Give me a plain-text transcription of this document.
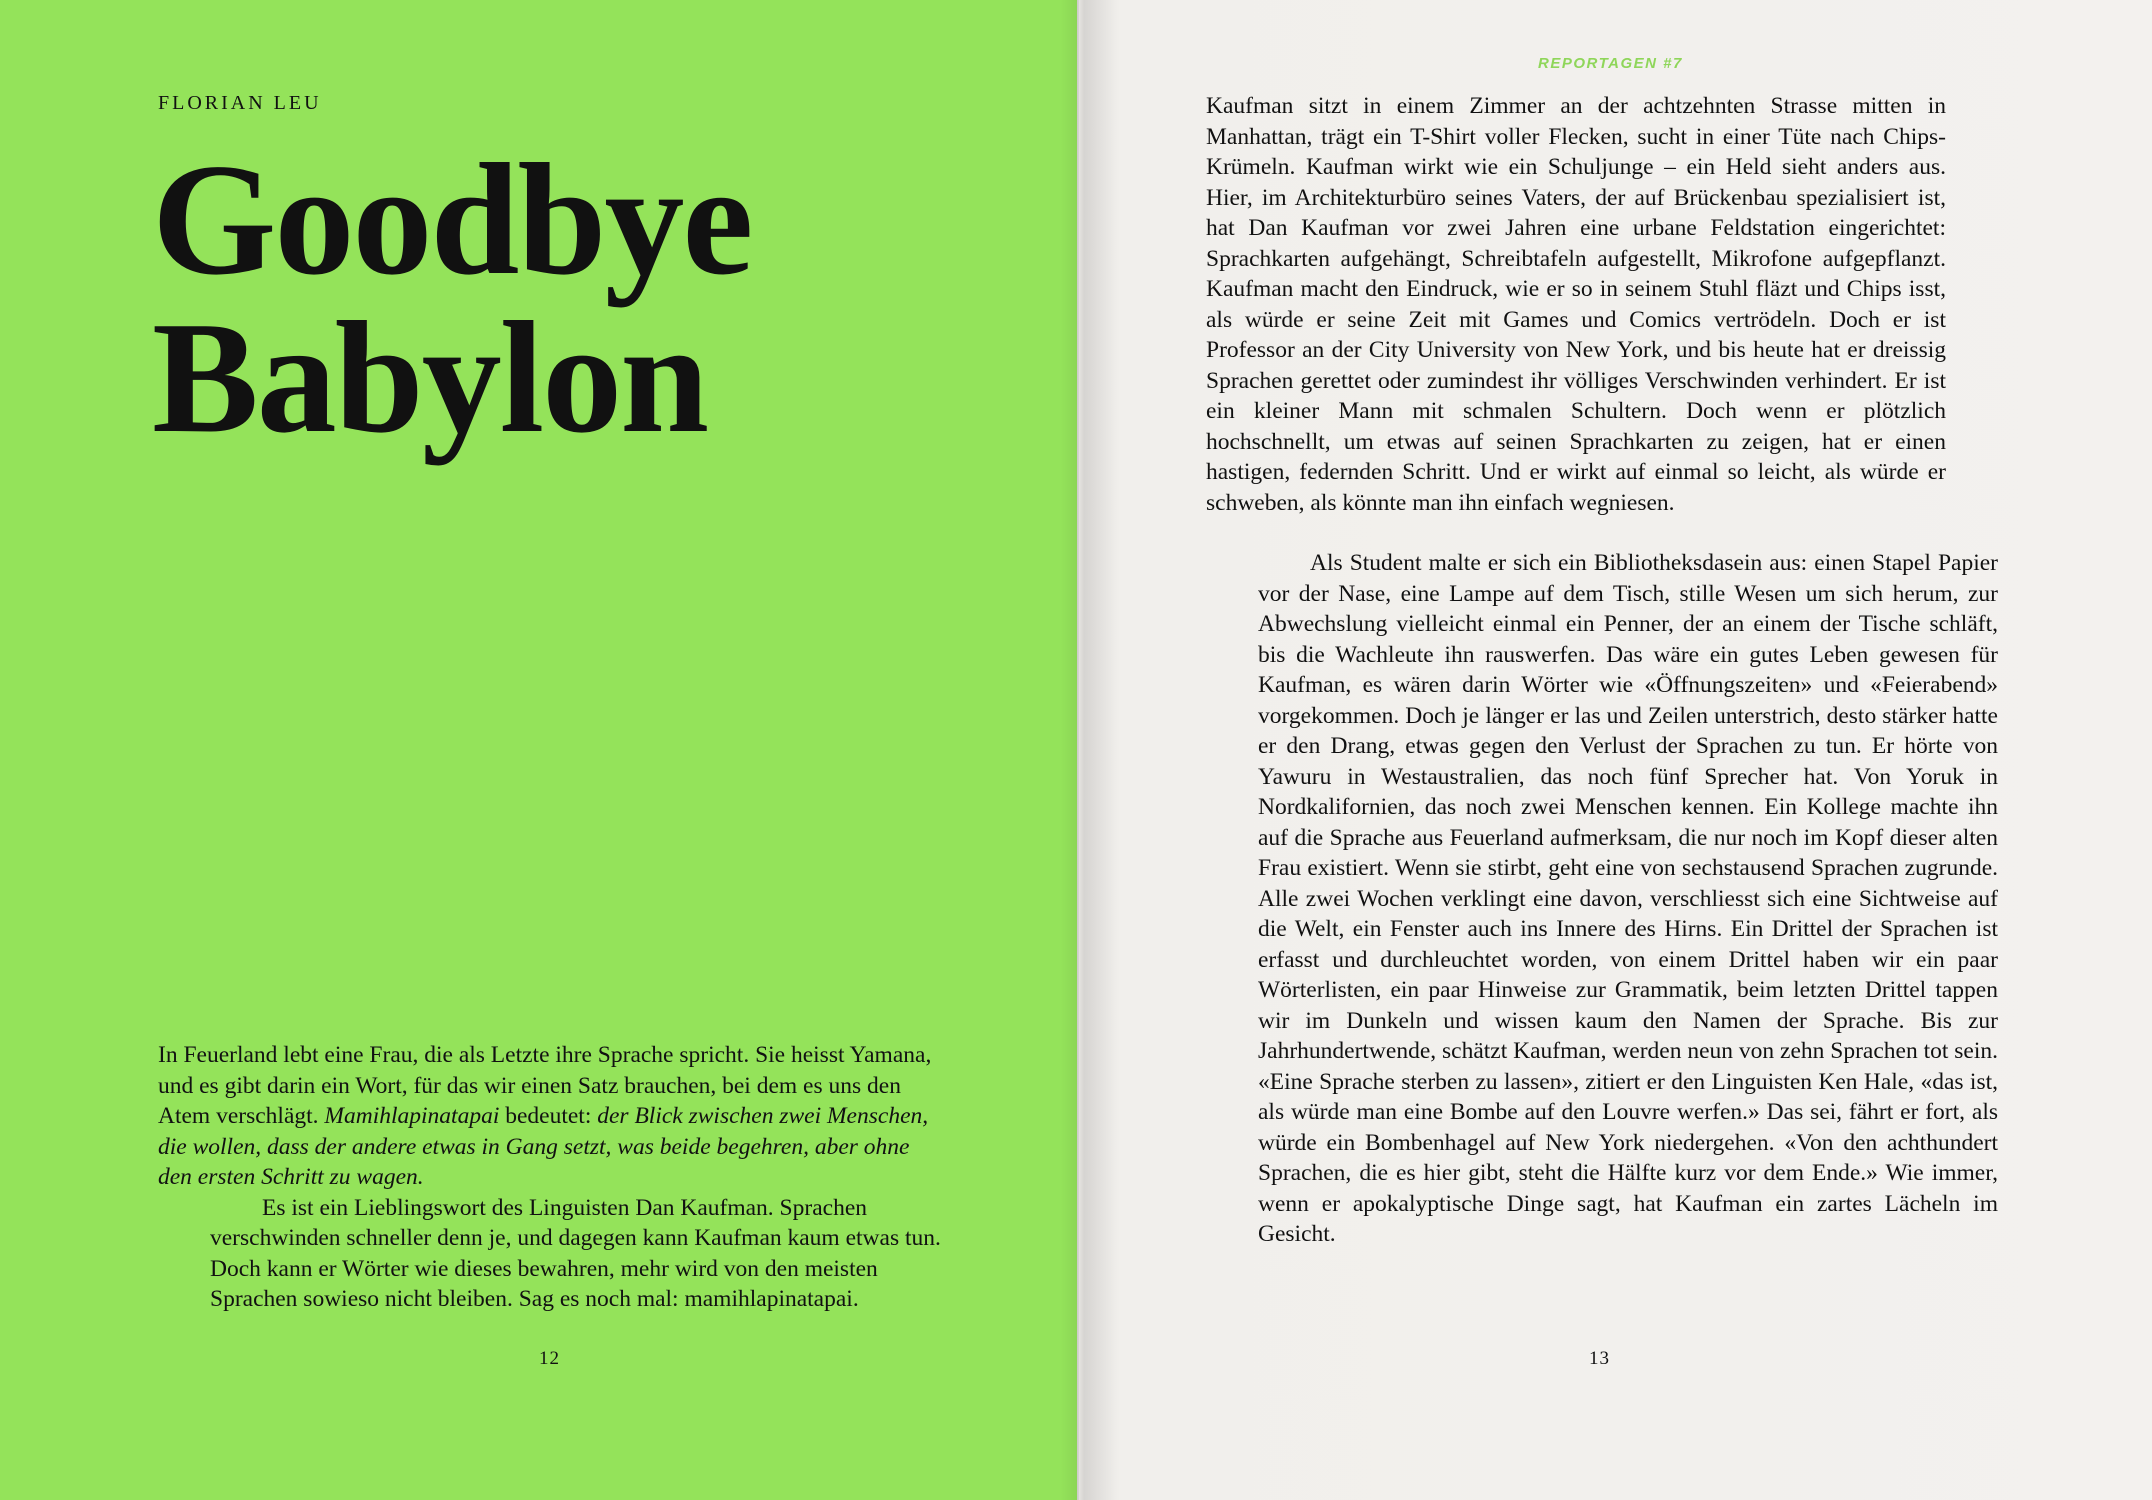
FLORIAN LEU
Goodbye
Babylon

In Feuerland lebt eine Frau, die als Letzte ihre Sprache spricht. Sie heisst Yamana, und es gibt darin ein Wort, für das wir einen Satz brauchen, bei dem es uns den Atem verschlägt. Mamihlapinatapai bedeutet: der Blick zwischen zwei Menschen, die wollen, dass der andere etwas in Gang setzt, was beide begehren, aber ohne den ersten Schritt zu wagen.

Es ist ein Lieblingswort des Linguisten Dan Kaufman. Sprachen verschwinden schneller denn je, und dagegen kann Kaufman kaum etwas tun. Doch kann er Wörter wie dieses bewahren, mehr wird von den meisten Sprachen sowieso nicht bleiben. Sag es noch mal: mamihlapinatapai.

12
REPORTAGEN #7

Kaufman sitzt in einem Zimmer an der achtzehnten Strasse mitten in Manhattan, trägt ein T-Shirt voller Flecken, sucht in einer Tüte nach Chips-Krümeln. Kaufman wirkt wie ein Schuljunge – ein Held sieht anders aus. Hier, im Architekturbüro seines Vaters, der auf Brückenbau spezialisiert ist, hat Dan Kaufman vor zwei Jahren eine urbane Feldstation eingerichtet: Sprachkarten aufgehängt, Schreibtafeln aufgestellt, Mikrofone aufgepflanzt. Kaufman macht den Eindruck, wie er so in seinem Stuhl fläzt und Chips isst, als würde er seine Zeit mit Games und Comics vertrödeln. Doch er ist Professor an der City University von New York, und bis heute hat er dreissig Sprachen gerettet oder zumindest ihr völliges Verschwinden verhindert. Er ist ein kleiner Mann mit schmalen Schultern. Doch wenn er plötzlich hochschnellt, um etwas auf seinen Sprachkarten zu zeigen, hat er einen hastigen, federnden Schritt. Und er wirkt auf einmal so leicht, als würde er schweben, als könnte man ihn einfach wegniesen.

Als Student malte er sich ein Bibliotheksdasein aus: einen Stapel Papier vor der Nase, eine Lampe auf dem Tisch, stille Wesen um sich herum, zur Abwechslung vielleicht einmal ein Penner, der an einem der Tische schläft, bis die Wachleute ihn rauswerfen. Das wäre ein gutes Leben gewesen für Kaufman, es wären darin Wörter wie «Öffnungszeiten» und «Feierabend» vorgekommen. Doch je länger er las und Zeilen unterstrich, desto stärker hatte er den Drang, etwas gegen den Verlust der Sprachen zu tun. Er hörte von Yawuru in Westaustralien, das noch fünf Sprecher hat. Von Yoruk in Nordkalifornien, das noch zwei Menschen kennen. Ein Kollege machte ihn auf die Sprache aus Feuerland aufmerksam, die nur noch im Kopf dieser alten Frau existiert. Wenn sie stirbt, geht eine von sechstausend Sprachen zugrunde. Alle zwei Wochen verklingt eine davon, verschliesst sich eine Sichtweise auf die Welt, ein Fenster auch ins Innere des Hirns. Ein Drittel der Sprachen ist erfasst und durchleuchtet worden, von einem Drittel haben wir ein paar Wörterlisten, ein paar Hinweise zur Grammatik, beim letzten Drittel tappen wir im Dunkeln und wissen kaum den Namen der Sprache. Bis zur Jahrhundertwende, schätzt Kaufman, werden neun von zehn Sprachen tot sein. «Eine Sprache sterben zu lassen», zitiert er den Linguisten Ken Hale, «das ist, als würde man eine Bombe auf den Louvre werfen.» Das sei, fährt er fort, als würde ein Bombenhagel auf New York niedergehen. «Von den achthundert Sprachen, die es hier gibt, steht die Hälfte kurz vor dem Ende.» Wie immer, wenn er apokalyptische Dinge sagt, hat Kaufman ein zartes Lächeln im Gesicht.

13
